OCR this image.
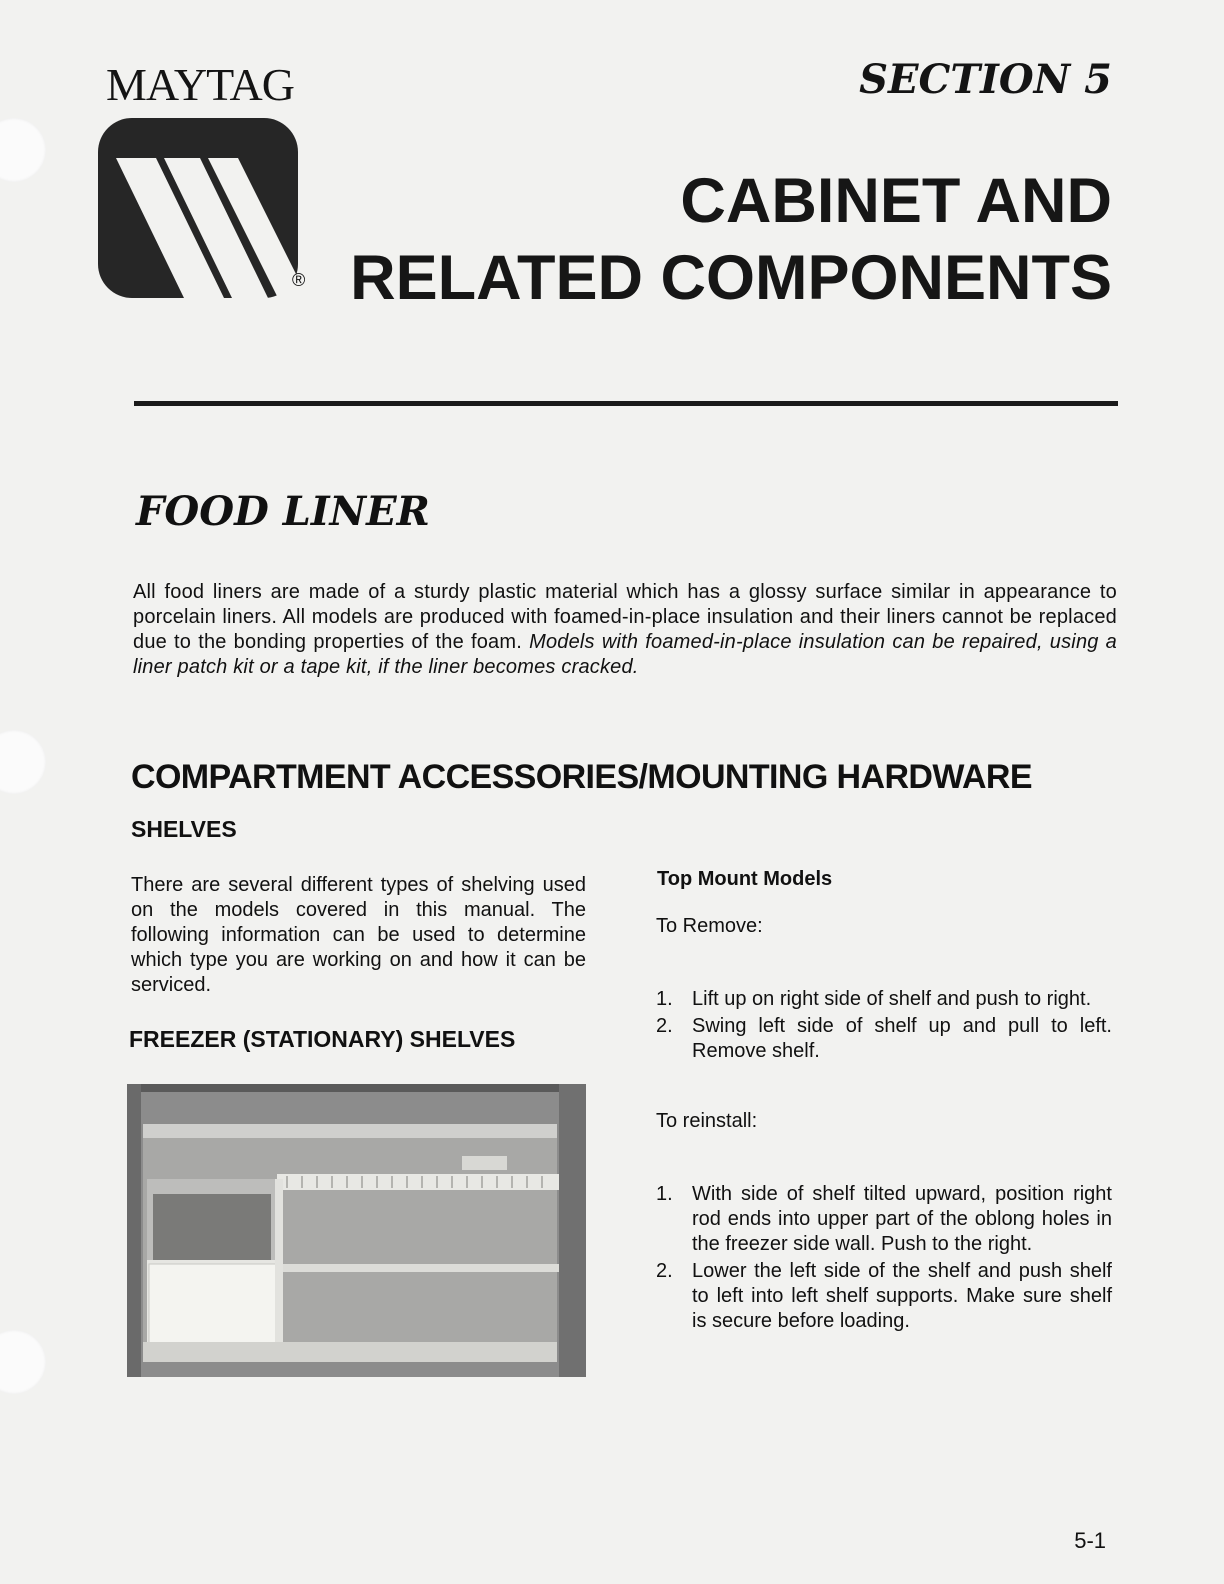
MAYTAG	SECTION 5
®
CABINET AND
RELATED COMPONENTS
FOOD LINER
All food liners are made of a sturdy plastic material which has a glossy surface similar in appearance to porcelain liners. All models are produced with foamed-in-place insulation and their liners cannot be replaced due to the bonding properties of the foam. Models with foamed-in-place insulation can be repaired, using a liner patch kit or a tape kit, if the liner becomes cracked.
COMPARTMENT ACCESSORIES/MOUNTING HARDWARE
SHELVES
There are several different types of shelving used on the models covered in this manual. The following information can be used to determine which type you are working on and how it can be serviced.
FREEZER (STATIONARY) SHELVES
Top Mount Models
To Remove:
1. Lift up on right side of shelf and push to right.
2. Swing left side of shelf up and pull to left. Remove shelf.
To reinstall:
1. With side of shelf tilted upward, position right rod ends into upper part of the oblong holes in the freezer side wall. Push to the right.
2. Lower the left side of the shelf and push shelf to left into left shelf supports. Make sure shelf is secure before loading.
5-1
